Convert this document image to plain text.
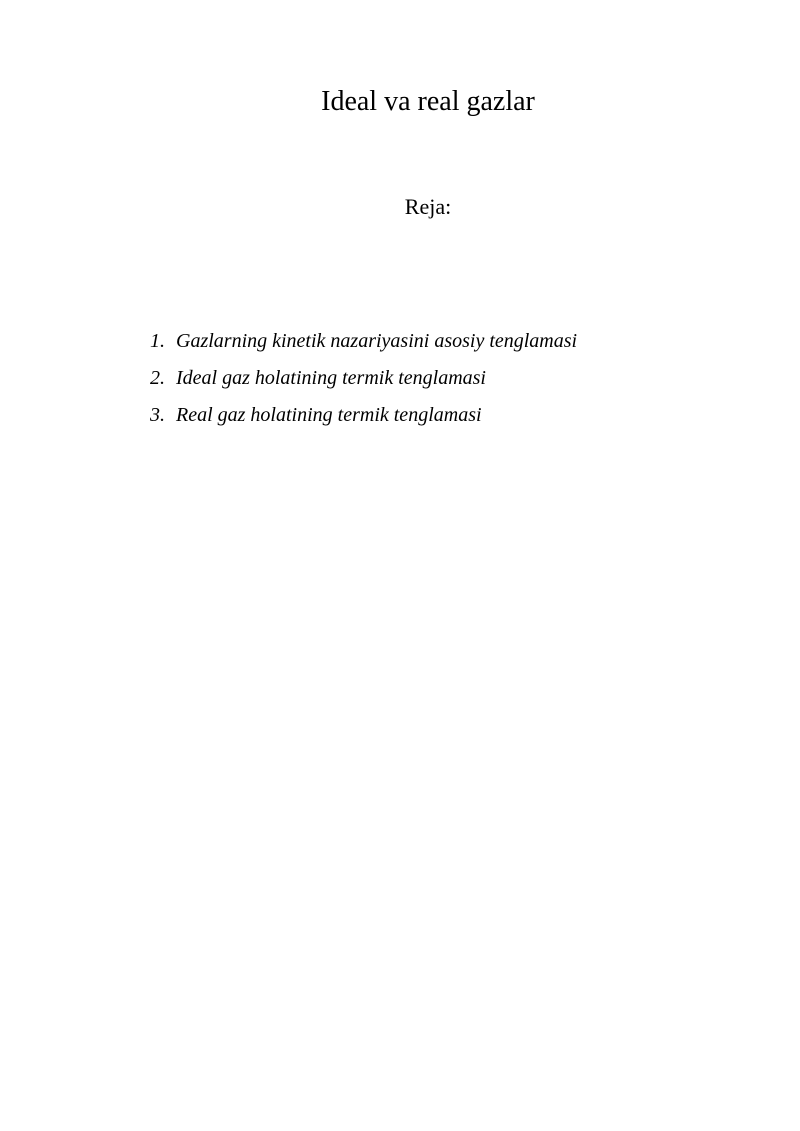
Ideal va real gazlar
Reja:
1. Gazlarning kinetik nazariyasini asosiy tenglamasi
2. Ideal gaz holatining termik tenglamasi
3. Real gaz holatining termik tenglamasi
